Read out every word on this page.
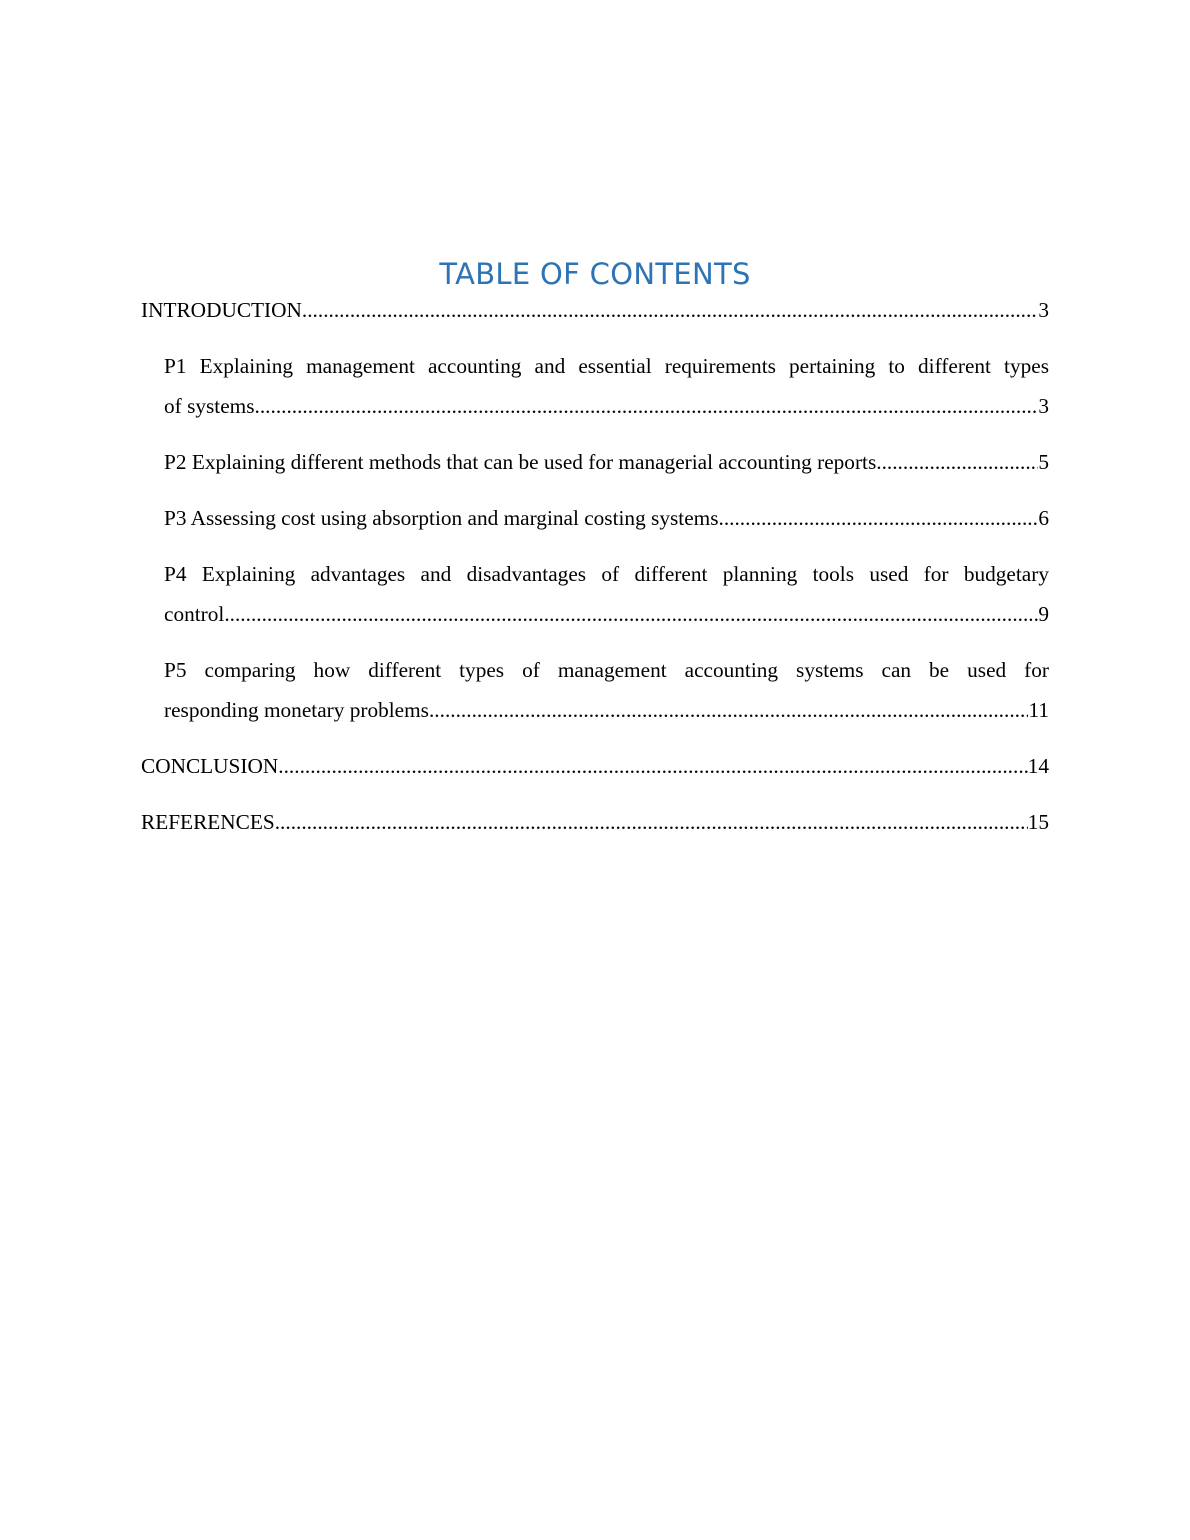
TABLE OF CONTENTS
INTRODUCTION .....	3
P1 Explaining management accounting and essential requirements pertaining to different types
of systems .....	3
P2 Explaining different methods that can be used for managerial accounting reports .....	5
P3 Assessing cost using absorption and marginal costing systems .....	6
P4 Explaining advantages and disadvantages of different planning tools used for budgetary
control .....	9
P5 comparing how different types of management accounting systems can be used for
responding monetary problems .....	11
CONCLUSION .....	14
REFERENCES .....	15
